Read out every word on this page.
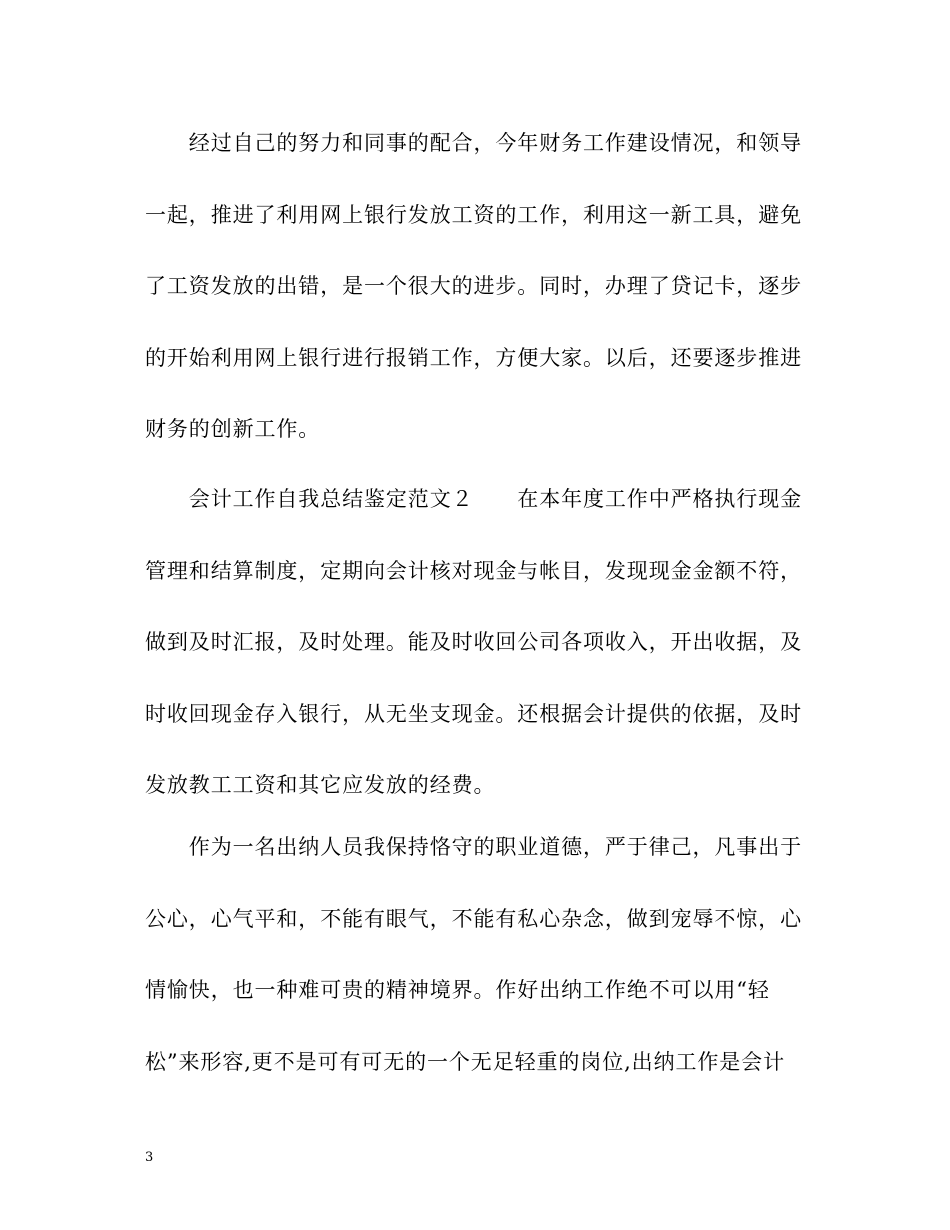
　　经过自己的努力和同事的配合，今年财务工作建设情况，和领导
一起，推进了利用网上银行发放工资的工作，利用这一新工具，避免
了工资发放的出错，是一个很大的进步。同时，办理了贷记卡，逐步
的开始利用网上银行进行报销工作，方便大家。以后，还要逐步推进
财务的创新工作。
　　会计工作自我总结鉴定范文２　　在本年度工作中严格执行现金
管理和结算制度，定期向会计核对现金与帐目，发现现金金额不符，
做到及时汇报，及时处理。能及时收回公司各项收入，开出收据，及
时收回现金存入银行，从无坐支现金。还根据会计提供的依据，及时
发放教工工资和其它应发放的经费。
　　作为一名出纳人员我保持恪守的职业道德，严于律己，凡事出于
公心，心气平和，不能有眼气，不能有私心杂念，做到宠辱不惊，心
情愉快，也一种难可贵的精神境界。作好出纳工作绝不可以用“轻
松”来形容,更不是可有可无的一个无足轻重的岗位,出纳工作是会计
3
